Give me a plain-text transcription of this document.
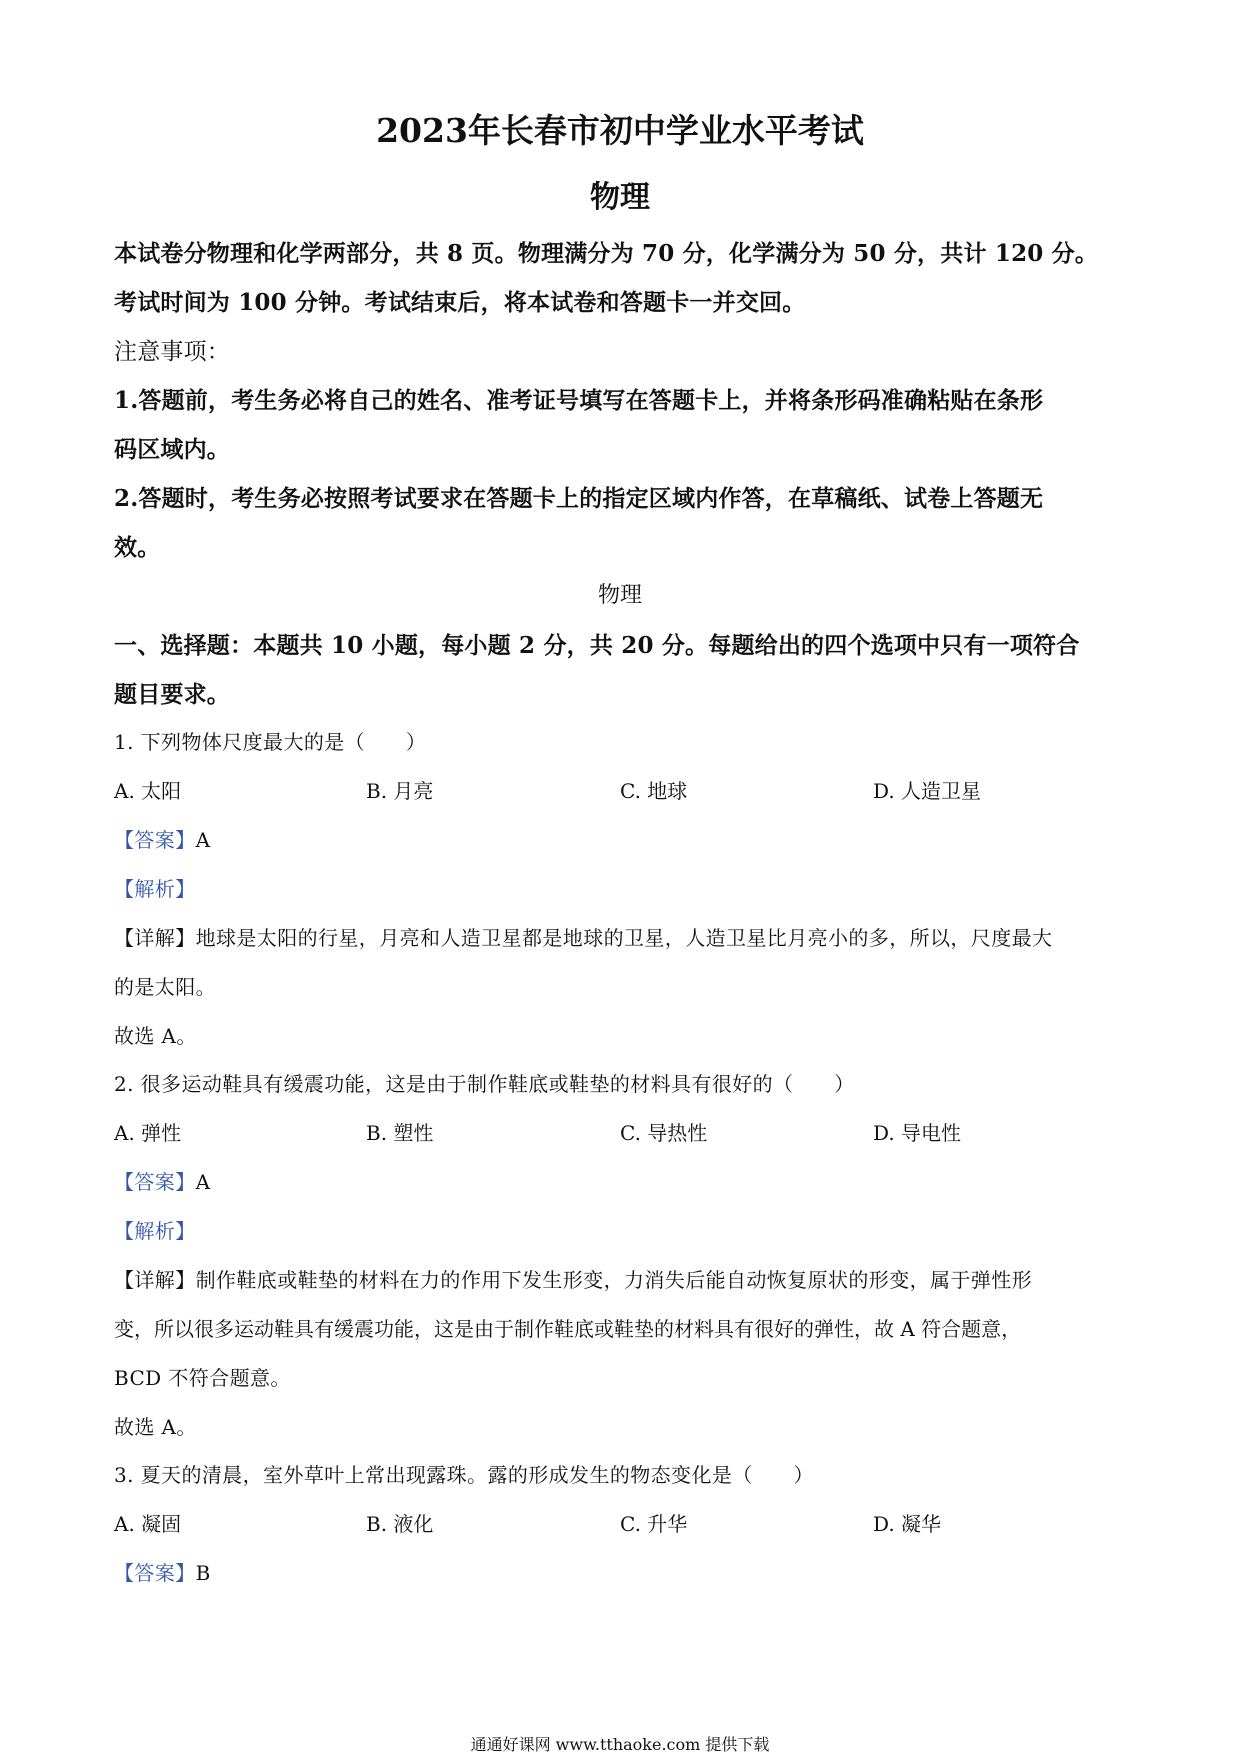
2023年长春市初中学业水平考试
物理
本试卷分物理和化学两部分，共 8 页。物理满分为 70 分，化学满分为 50 分，共计 120 分。
考试时间为 100 分钟。考试结束后，将本试卷和答题卡一并交回。
注意事项：
1.答题前，考生务必将自己的姓名、准考证号填写在答题卡上，并将条形码准确粘贴在条形
码区域内。
2.答题时，考生务必按照考试要求在答题卡上的指定区域内作答，在草稿纸、试卷上答题无
效。
物理
一、选择题：本题共 10 小题，每小题 2 分，共 20 分。每题给出的四个选项中只有一项符合
题目要求。
1. 下列物体尺度最大的是（　　）
A. 太阳	B. 月亮	C. 地球	D. 人造卫星
【答案】A
【解析】
【详解】地球是太阳的行星，月亮和人造卫星都是地球的卫星，人造卫星比月亮小的多，所以，尺度最大
的是太阳。
故选 A。
2. 很多运动鞋具有缓震功能，这是由于制作鞋底或鞋垫的材料具有很好的（　　）
A. 弹性	B. 塑性	C. 导热性	D. 导电性
【答案】A
【解析】
【详解】制作鞋底或鞋垫的材料在力的作用下发生形变，力消失后能自动恢复原状的形变，属于弹性形
变，所以很多运动鞋具有缓震功能，这是由于制作鞋底或鞋垫的材料具有很好的弹性，故 A 符合题意，
BCD 不符合题意。
故选 A。
3. 夏天的清晨，室外草叶上常出现露珠。露的形成发生的物态变化是（　　）
A. 凝固	B. 液化	C. 升华	D. 凝华
【答案】B
通通好课网 www.tthaoke.com 提供下载
